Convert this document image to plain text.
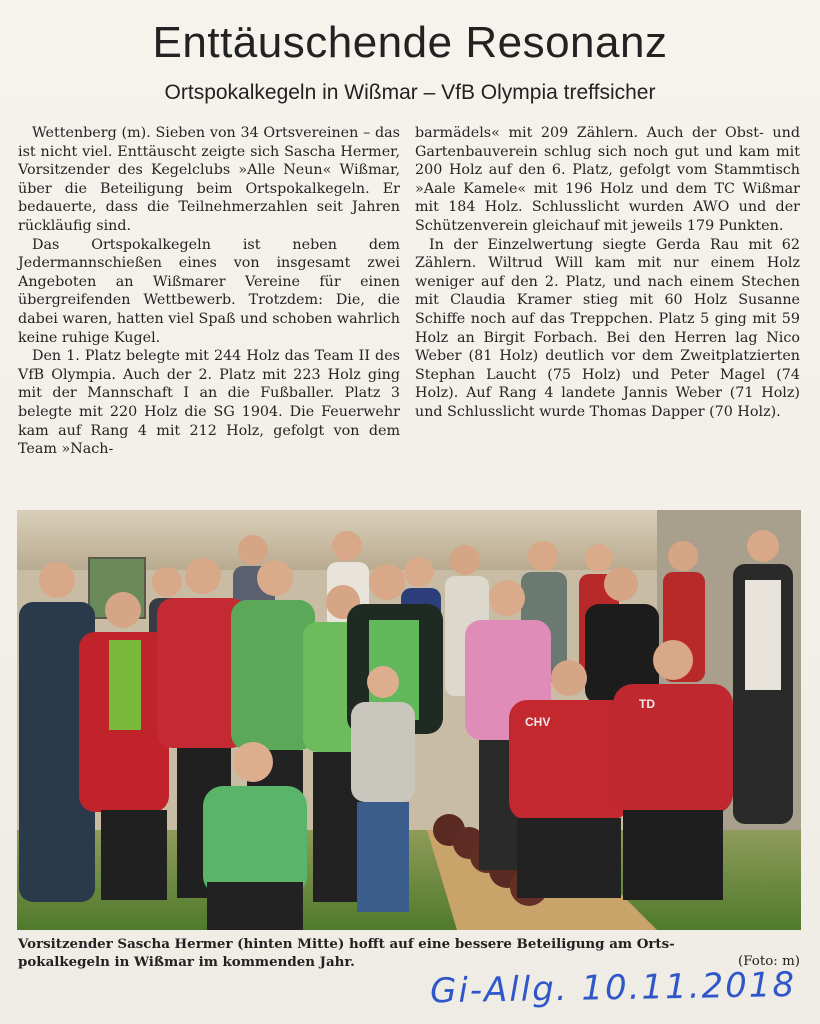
Enttäuschende Resonanz
Ortspokalkegeln in Wißmar – VfB Olympia treffsicher

Wettenberg (m). Sieben von 34 Ortsvereinen – das ist nicht viel. Enttäuscht zeigte sich Sascha Hermer, Vorsitzender des Kegelclubs »Alle Neun« Wißmar, über die Beteiligung beim Ortspokalkegeln. Er bedauerte, dass die Teilnehmerzahlen seit Jahren rückläufig sind.

Das Ortspokalkegeln ist neben dem Jedermannschießen eines von insgesamt zwei Angeboten an Wißmarer Vereine für einen übergreifenden Wettbewerb. Trotzdem: Die, die dabei waren, hatten viel Spaß und schoben wahrlich keine ruhige Kugel.

Den 1. Platz belegte mit 244 Holz das Team II des VfB Olympia. Auch der 2. Platz mit 223 Holz ging mit der Mannschaft I an die Fußballer. Platz 3 belegte mit 220 Holz die SG 1904. Die Feuerwehr kam auf Rang 4 mit 212 Holz, gefolgt von dem Team »Nach-

barmädels« mit 209 Zählern. Auch der Obst- und Gartenbauverein schlug sich noch gut und kam mit 200 Holz auf den 6. Platz, gefolgt vom Stammtisch »Aale Kamele« mit 196 Holz und dem TC Wißmar mit 184 Holz. Schlusslicht wurden AWO und der Schützenverein gleichauf mit jeweils 179 Punkten.

In der Einzelwertung siegte Gerda Rau mit 62 Zählern. Wiltrud Will kam mit nur einem Holz weniger auf den 2. Platz, und nach einem Stechen mit Claudia Kramer stieg mit 60 Holz Susanne Schiffe noch auf das Treppchen. Platz 5 ging mit 59 Holz an Birgit Forbach. Bei den Herren lag Nico Weber (81 Holz) deutlich vor dem Zweitplatzierten Stephan Laucht (75 Holz) und Peter Magel (74 Holz). Auf Rang 4 landete Jannis Weber (71 Holz) und Schlusslicht wurde Thomas Dapper (70 Holz).

CHV
TD
Vorsitzender Sascha Hermer (hinten Mitte) hofft auf eine bessere Beteiligung am Orts-
pokalkegeln in Wißmar im kommenden Jahr.	(Foto: m)
Gi-Allg. 10.11.2018
